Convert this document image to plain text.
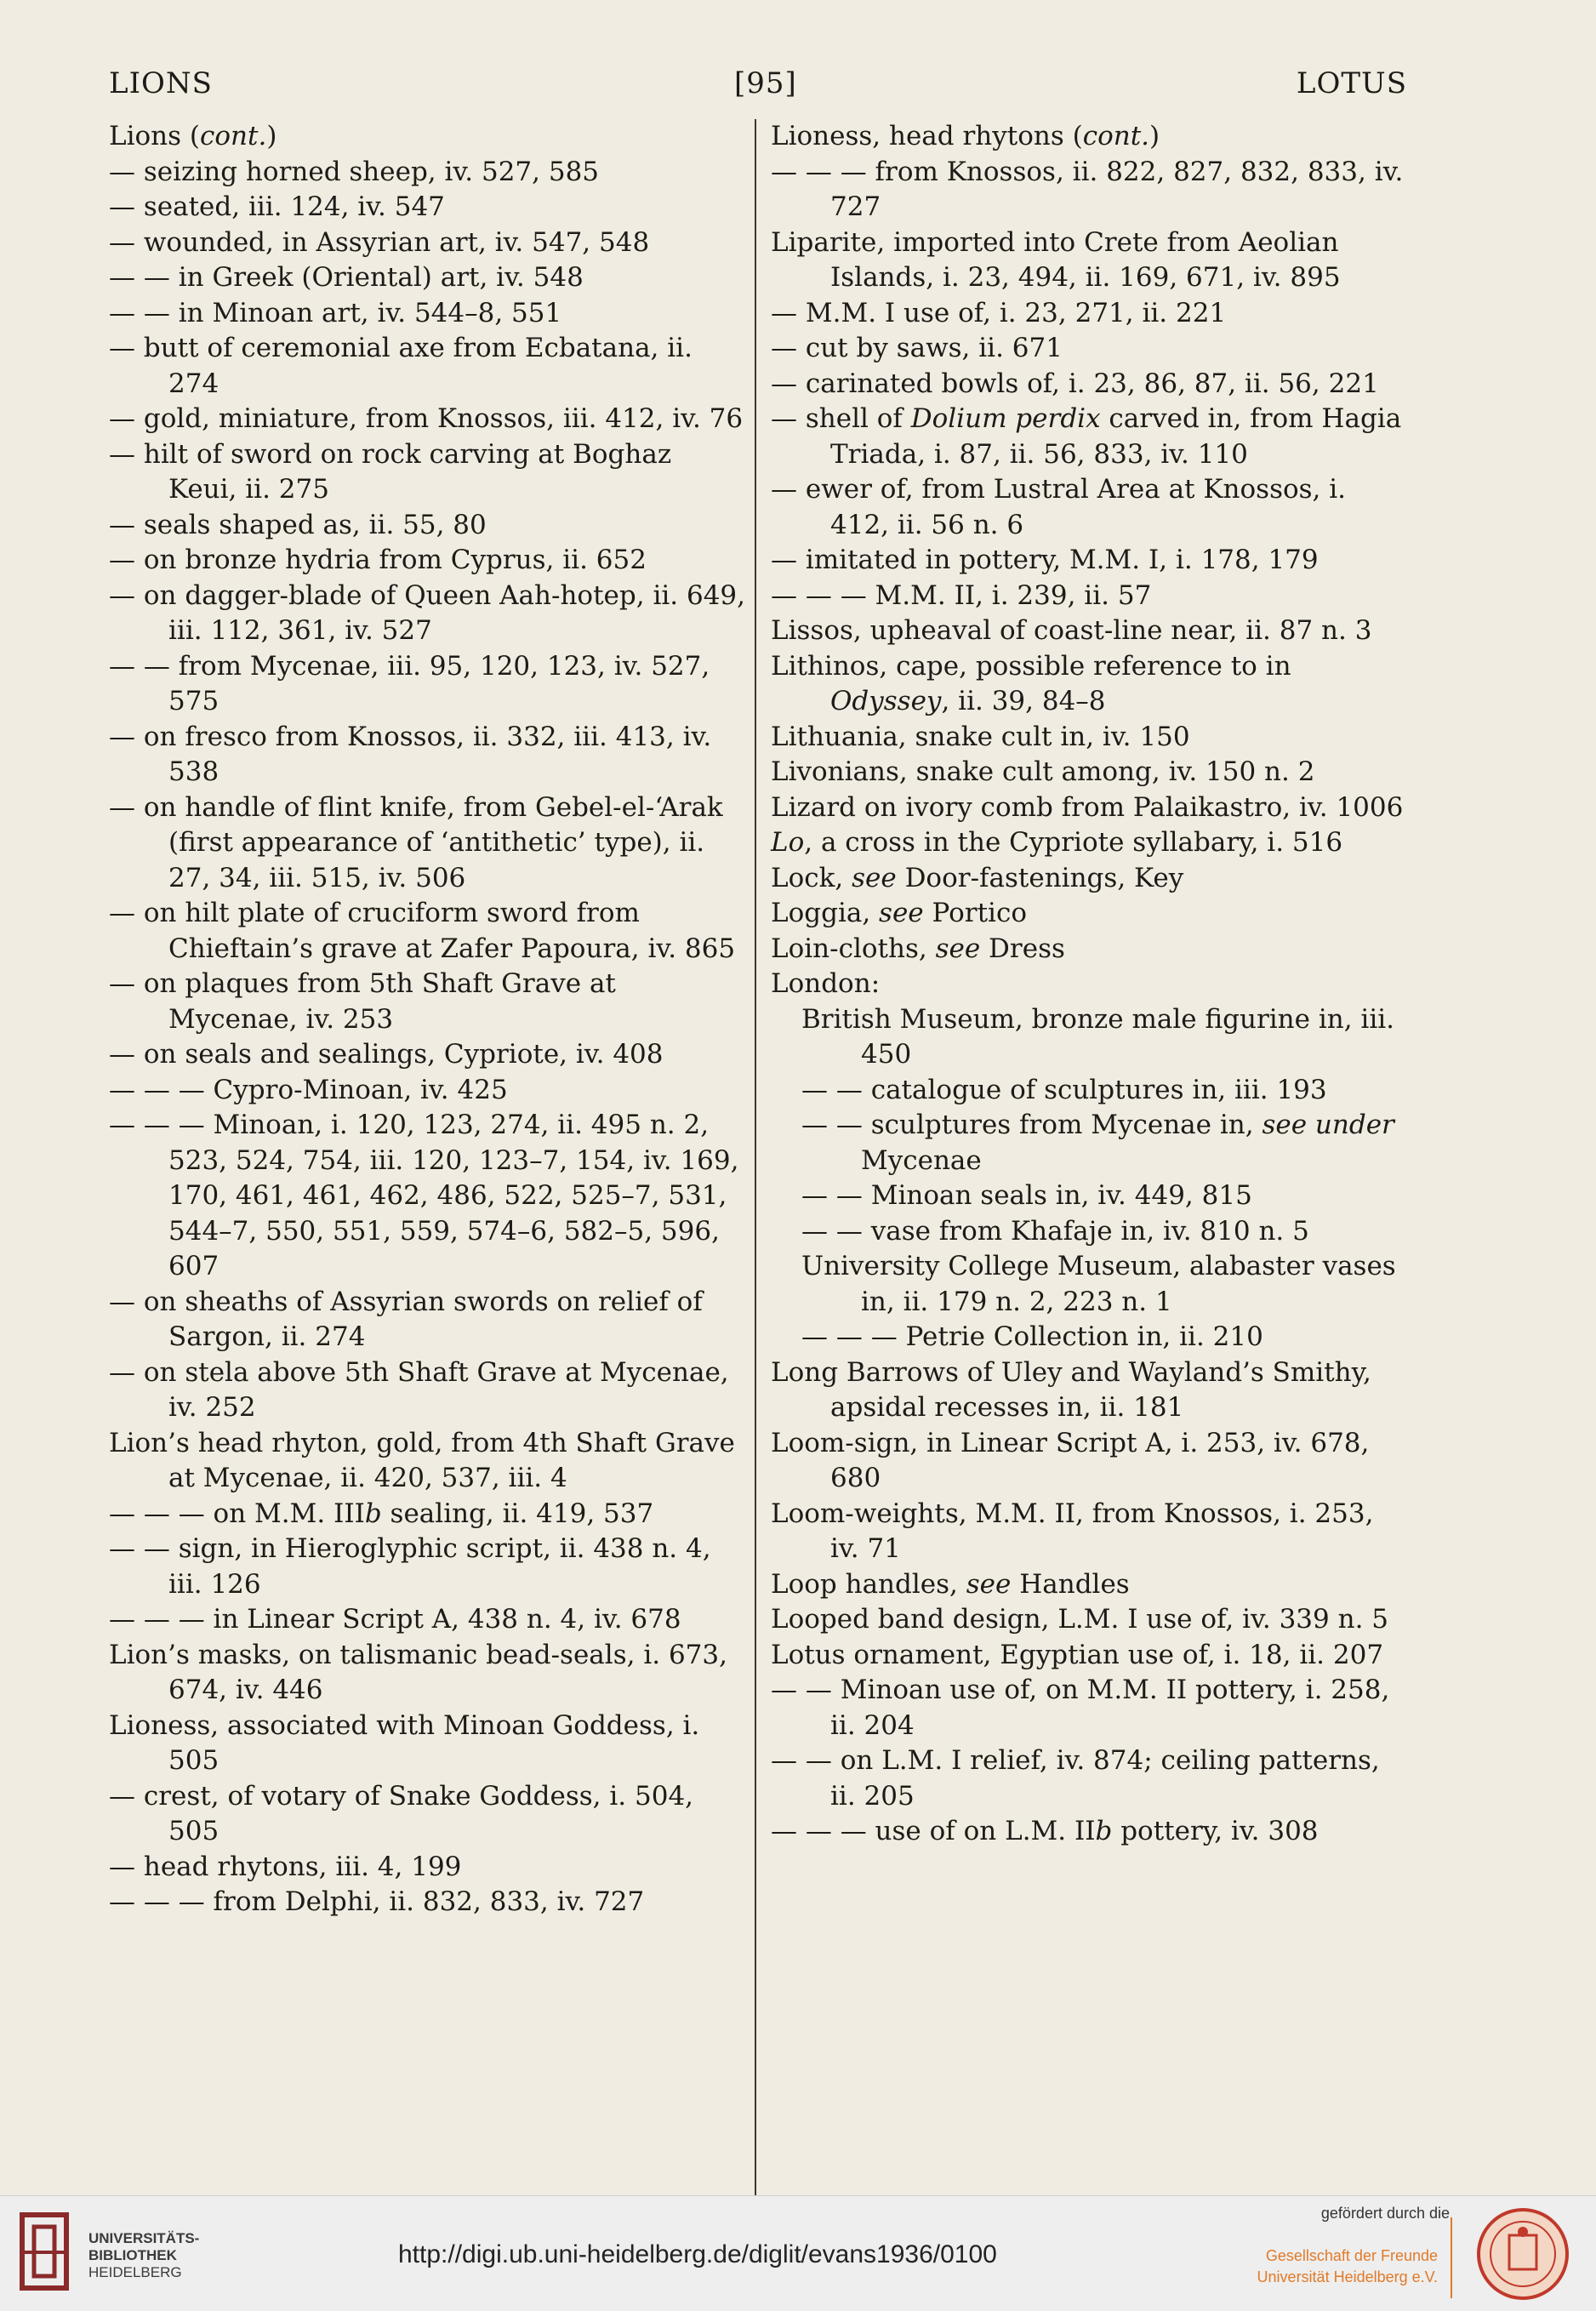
LIONS	[95]	LOTUS
Lions (cont.)
— seizing horned sheep, iv. 527, 585
— seated, iii. 124, iv. 547
— wounded, in Assyrian art, iv. 547, 548
— — in Greek (Oriental) art, iv. 548
— — in Minoan art, iv. 544–8, 551
— butt of ceremonial axe from Ecbatana, ii. 274
— gold, miniature, from Knossos, iii. 412, iv. 76
— hilt of sword on rock carving at Boghaz Keui, ii. 275
— seals shaped as, ii. 55, 80
— on bronze hydria from Cyprus, ii. 652
— on dagger-blade of Queen Aah-hotep, ii. 649, iii. 112, 361, iv. 527
— — from Mycenae, iii. 95, 120, 123, iv. 527, 575
— on fresco from Knossos, ii. 332, iii. 413, iv. 538
— on handle of flint knife, from Gebel-el-‘Arak (first appearance of ‘antithetic’ type), ii. 27, 34, iii. 515, iv. 506
— on hilt plate of cruciform sword from Chieftain’s grave at Zafer Papoura, iv. 865
— on plaques from 5th Shaft Grave at Mycenae, iv. 253
— on seals and sealings, Cypriote, iv. 408
— — — Cypro-Minoan, iv. 425
— — — Minoan, i. 120, 123, 274, ii. 495 n. 2, 523, 524, 754, iii. 120, 123–7, 154, iv. 169, 170, 461, 461, 462, 486, 522, 525–7, 531, 544–7, 550, 551, 559, 574–6, 582–5, 596, 607
— on sheaths of Assyrian swords on relief of Sargon, ii. 274
— on stela above 5th Shaft Grave at Mycenae, iv. 252
Lion’s head rhyton, gold, from 4th Shaft Grave at Mycenae, ii. 420, 537, iii. 4
— — — on M.M. IIIb sealing, ii. 419, 537
— — sign, in Hieroglyphic script, ii. 438 n. 4, iii. 126
— — — in Linear Script A, 438 n. 4, iv. 678
Lion’s masks, on talismanic bead-seals, i. 673, 674, iv. 446
Lioness, associated with Minoan Goddess, i. 505
— crest, of votary of Snake Goddess, i. 504, 505
— head rhytons, iii. 4, 199
— — — from Delphi, ii. 832, 833, iv. 727
Lioness, head rhytons (cont.)
— — — from Knossos, ii. 822, 827, 832, 833, iv. 727
Liparite, imported into Crete from Aeolian Islands, i. 23, 494, ii. 169, 671, iv. 895
— M.M. I use of, i. 23, 271, ii. 221
— cut by saws, ii. 671
— carinated bowls of, i. 23, 86, 87, ii. 56, 221
— shell of Dolium perdix carved in, from Hagia Triada, i. 87, ii. 56, 833, iv. 110
— ewer of, from Lustral Area at Knossos, i. 412, ii. 56 n. 6
— imitated in pottery, M.M. I, i. 178, 179
— — — M.M. II, i. 239, ii. 57
Lissos, upheaval of coast-line near, ii. 87 n. 3
Lithinos, cape, possible reference to in Odyssey, ii. 39, 84–8
Lithuania, snake cult in, iv. 150
Livonians, snake cult among, iv. 150 n. 2
Lizard on ivory comb from Palaikastro, iv. 1006
Lo, a cross in the Cypriote syllabary, i. 516
Lock, see Door-fastenings, Key
Loggia, see Portico
Loin-cloths, see Dress
London:
British Museum, bronze male figurine in, iii. 450
— — catalogue of sculptures in, iii. 193
— — sculptures from Mycenae in, see under Mycenae
— — Minoan seals in, iv. 449, 815
— — vase from Khafaje in, iv. 810 n. 5
University College Museum, alabaster vases in, ii. 179 n. 2, 223 n. 1
— — — Petrie Collection in, ii. 210
Long Barrows of Uley and Wayland’s Smithy, apsidal recesses in, ii. 181
Loom-sign, in Linear Script A, i. 253, iv. 678, 680
Loom-weights, M.M. II, from Knossos, i. 253, iv. 71
Loop handles, see Handles
Looped band design, L.M. I use of, iv. 339 n. 5
Lotus ornament, Egyptian use of, i. 18, ii. 207
— — Minoan use of, on M.M. II pottery, i. 258, ii. 204
— — on L.M. I relief, iv. 874; ceiling patterns, ii. 205
— — — use of on L.M. IIb pottery, iv. 308
UNIVERSITÄTS-
BIBLIOTHEK
HEIDELBERG
http://digi.ub.uni-heidelberg.de/diglit/evans1936/0100
gefördert durch die
Gesellschaft der Freunde
Universität Heidelberg e.V.
